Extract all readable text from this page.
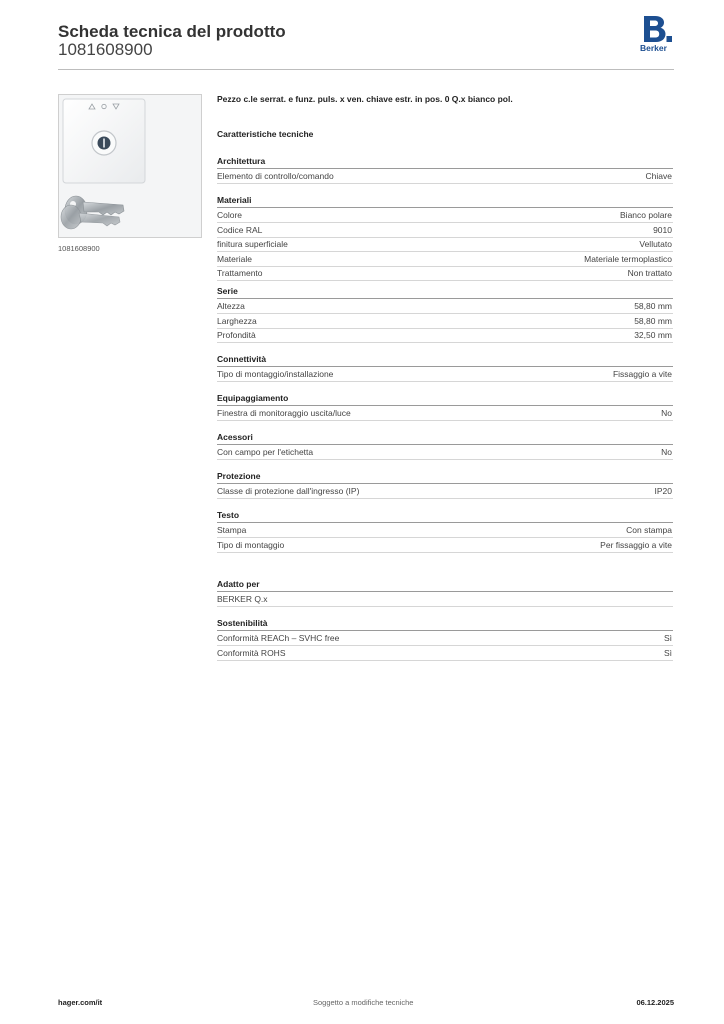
Scheda tecnica del prodotto
1081608900	Berker
1081608900
Pezzo c.le serrat. e funz. puls. x ven. chiave estr. in pos. 0 Q.x bianco pol.
Caratteristiche tecniche
Architettura
Elemento di controllo/comando	Chiave
Materiali
Colore	Bianco polare
Codice RAL	9010
finitura superficiale	Vellutato
Materiale	Materiale termoplastico
Trattamento	Non trattato
Serie
Altezza	58,80 mm
Larghezza	58,80 mm
Profondità	32,50 mm
Connettività
Tipo di montaggio/installazione	Fissaggio a vite
Equipaggiamento
Finestra di monitoraggio uscita/luce	No
Acessori
Con campo per l'etichetta	No
Protezione
Classe di protezione dall'ingresso (IP)	IP20
Testo
Stampa	Con stampa
Tipo di montaggio	Per fissaggio a vite
Adatto per
BERKER Q.x
Sostenibilità
Conformità REACh – SVHC free	Sì
Conformità ROHS	Sì
hager.com/it	Soggetto a modifiche tecniche	06.12.2025
